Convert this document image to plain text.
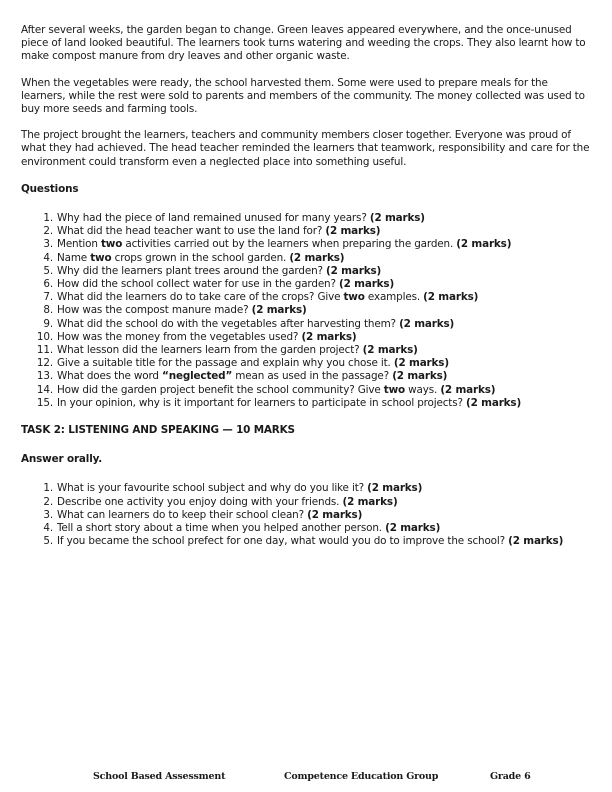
After several weeks, the garden began to change. Green leaves appeared everywhere, and the once-unused piece of land looked beautiful. The learners took turns watering and weeding the crops. They also learnt how to make compost manure from dry leaves and other organic waste.

When the vegetables were ready, the school harvested them. Some were used to prepare meals for the learners, while the rest were sold to parents and members of the community. The money collected was used to buy more seeds and farming tools.

The project brought the learners, teachers and community members closer together. Everyone was proud of what they had achieved. The head teacher reminded the learners that teamwork, responsibility and care for the environment could transform even a neglected place into something useful.

Questions
1. Why had the piece of land remained unused for many years? (2 marks)
2. What did the head teacher want to use the land for? (2 marks)
3. Mention two activities carried out by the learners when preparing the garden. (2 marks)
4. Name two crops grown in the school garden. (2 marks)
5. Why did the learners plant trees around the garden? (2 marks)
6. How did the school collect water for use in the garden? (2 marks)
7. What did the learners do to take care of the crops? Give two examples. (2 marks)
8. How was the compost manure made? (2 marks)
9. What did the school do with the vegetables after harvesting them? (2 marks)
10. How was the money from the vegetables used? (2 marks)
11. What lesson did the learners learn from the garden project? (2 marks)
12. Give a suitable title for the passage and explain why you chose it. (2 marks)
13. What does the word “neglected” mean as used in the passage? (2 marks)
14. How did the garden project benefit the school community? Give two ways. (2 marks)
15. In your opinion, why is it important for learners to participate in school projects? (2 marks)
TASK 2: LISTENING AND SPEAKING — 10 MARKS
Answer orally.
1. What is your favourite school subject and why do you like it? (2 marks)
2. Describe one activity you enjoy doing with your friends. (2 marks)
3. What can learners do to keep their school clean? (2 marks)
4. Tell a short story about a time when you helped another person. (2 marks)
5. If you became the school prefect for one day, what would you do to improve the school? (2 marks)
School Based Assessment	Competence Education Group	Grade 6
